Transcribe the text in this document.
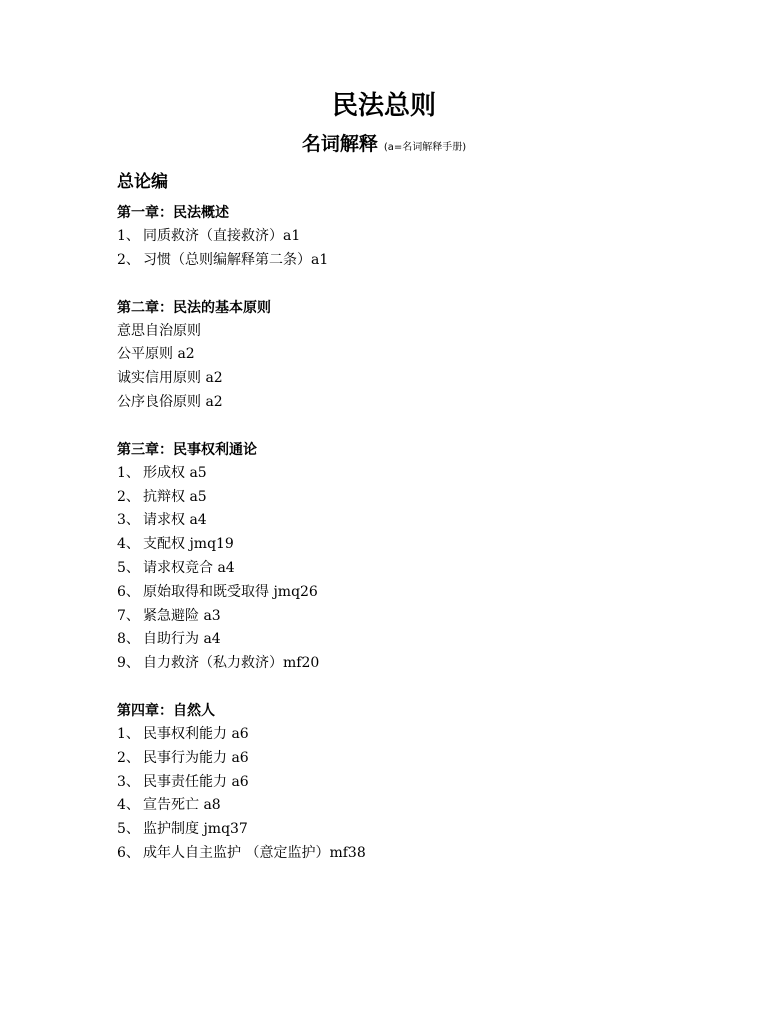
民法总则
名词解释 (a=名词解释手册)
总论编
第一章：民法概述
1、 同质救济（直接救济）a1
2、 习惯（总则编解释第二条）a1
第二章：民法的基本原则
意思自治原则
公平原则 a2
诚实信用原则 a2
公序良俗原则 a2
第三章：民事权利通论
1、 形成权 a5
2、 抗辩权 a5
3、 请求权 a4
4、 支配权 jmq19
5、 请求权竞合 a4
6、 原始取得和既受取得 jmq26
7、 紧急避险 a3
8、 自助行为 a4
9、 自力救济（私力救济）mf20
第四章：自然人
1、 民事权利能力 a6
2、 民事行为能力 a6
3、 民事责任能力 a6
4、 宣告死亡 a8
5、 监护制度 jmq37
6、 成年人自主监护 （意定监护）mf38
